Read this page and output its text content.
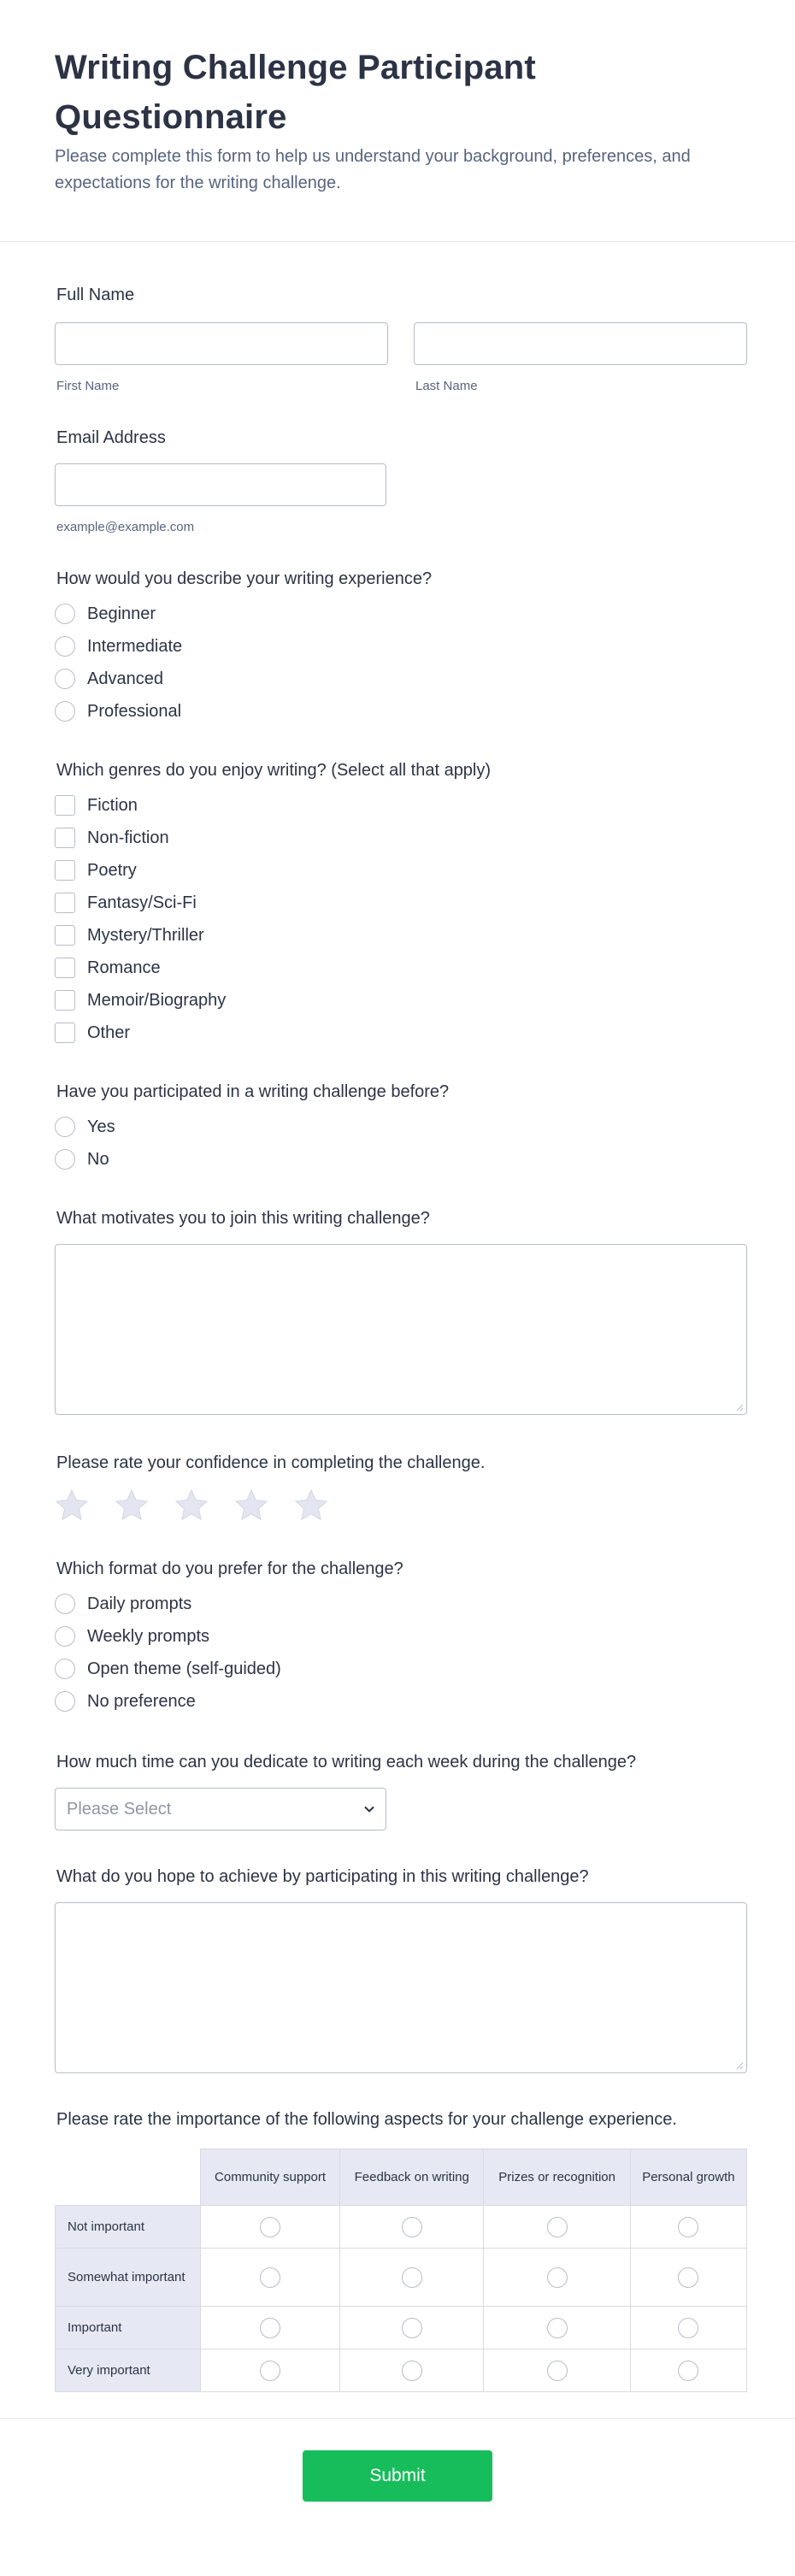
Writing Challenge Participant Questionnaire

Please complete this form to help us understand your background, preferences, and expectations for the writing challenge.

Full Name
First Name	Last Name
Email Address
example@example.com
How would you describe your writing experience?
Beginner
Intermediate
Advanced
Professional
Which genres do you enjoy writing? (Select all that apply)
Fiction
Non-fiction
Poetry
Fantasy/Sci-Fi
Mystery/Thriller
Romance
Memoir/Biography
Other
Have you participated in a writing challenge before?
Yes
No
What motivates you to join this writing challenge?
Please rate your confidence in completing the challenge.
Which format do you prefer for the challenge?
Daily prompts
Weekly prompts
Open theme (self-guided)
No preference
How much time can you dedicate to writing each week during the challenge?
Please Select
What do you hope to achieve by participating in this writing challenge?
Please rate the importance of the following aspects for your challenge experience.
	Community support	Feedback on writing	Prizes or recognition	Personal growth
Not important				
Somewhat important				
Important				
Very important				
Submit
